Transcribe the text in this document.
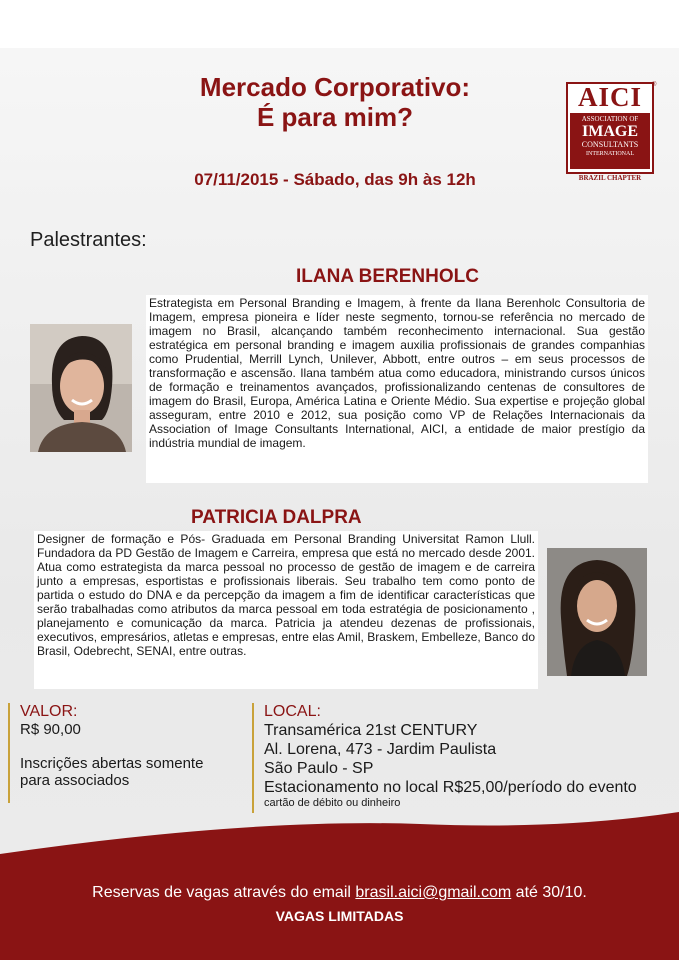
Mercado Corporativo:
É para mim?
07/11/2015 - Sábado, das 9h às 12h
AICI	®
ASSOCIATION OF
IMAGE
CONSULTANTS
INTERNATIONAL
BRAZIL CHAPTER
Palestrantes:
ILANA BERENHOLC
Estrategista em Personal Branding e Imagem, à frente da Ilana Berenholc Consultoria de Imagem, empresa pioneira e líder neste segmento, tornou-se referência no mercado de imagem no Brasil, alcançando também reconhecimento internacional. Sua gestão estratégica em personal branding e imagem auxilia profissionais de grandes companhias como Prudential, Merrill Lynch, Unilever, Abbott, entre outros – em seus processos de transformação e ascensão. Ilana também atua como educadora, ministrando cursos únicos de formação e treinamentos avançados, profissionalizando centenas de consultores de imagem do Brasil, Europa, América Latina e Oriente Médio. Sua expertise e projeção global asseguram, entre 2010 e 2012, sua posição como VP de Relações Internacionais da Association of Image Consultants International, AICI, a entidade de maior prestígio da indústria mundial de imagem.
PATRICIA DALPRA
Designer de formação e Pós- Graduada em Personal Branding Universitat Ramon Llull. Fundadora da PD Gestão de Imagem e Carreira, empresa que está no mercado desde 2001. Atua como estrategista da marca pessoal no processo de gestão de imagem e de carreira junto a empresas, esportistas e profissionais liberais. Seu trabalho tem como ponto de partida o estudo do DNA e da percepção da imagem a fim de identificar características que serão trabalhadas como atributos da marca pessoal em toda estratégia de posicionamento , planejamento e comunicação da marca. Patricia ja atendeu dezenas de profissionais, executivos, empresários, atletas e empresas, entre elas Amil, Braskem, Embelleze, Banco do Brasil, Odebrecht, SENAI, entre outras.
VALOR:
R$ 90,00
Inscrições abertas somente
para associados
LOCAL:
Transamérica 21st CENTURY
Al. Lorena, 473 - Jardim Paulista
São Paulo - SP
Estacionamento no local R$25,00/período do evento
cartão de débito ou dinheiro
Reservas de vagas através do email brasil.aici@gmail.com até 30/10.
VAGAS LIMITADAS
